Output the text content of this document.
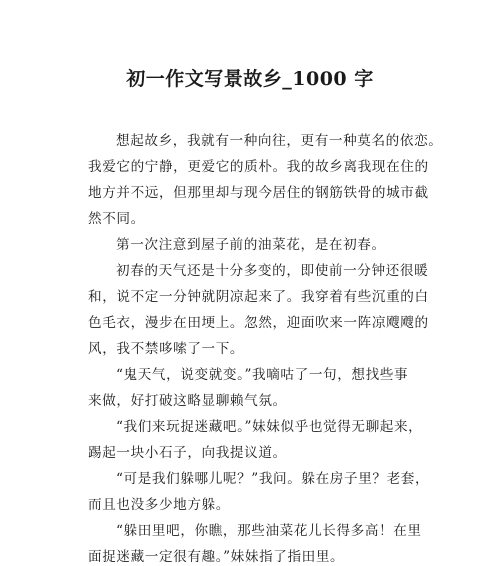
初一作文写景故乡_1000 字
想起故乡，我就有一种向往，更有一种莫名的依恋。
我爱它的宁静，更爱它的质朴。我的故乡离我现在住的
地方并不远，但那里却与现今居住的钢筋铁骨的城市截
然不同。
第一次注意到屋子前的油菜花，是在初春。
初春的天气还是十分多变的，即使前一分钟还很暖
和，说不定一分钟就阴凉起来了。我穿着有些沉重的白
色毛衣，漫步在田埂上。忽然，迎面吹来一阵凉飕飕的
风，我不禁哆嗦了一下。
“鬼天气，说变就变。”我嘀咕了一句，想找些事
来做，好打破这略显聊赖气氛。
“我们来玩捉迷藏吧。”妹妹似乎也觉得无聊起来，
踢起一块小石子，向我提议道。
“可是我们躲哪儿呢？”我问。躲在房子里？老套，
而且也没多少地方躲。
“躲田里吧，你瞧，那些油菜花儿长得多高！在里
面捉迷藏一定很有趣。”妹妹指了指田里。
